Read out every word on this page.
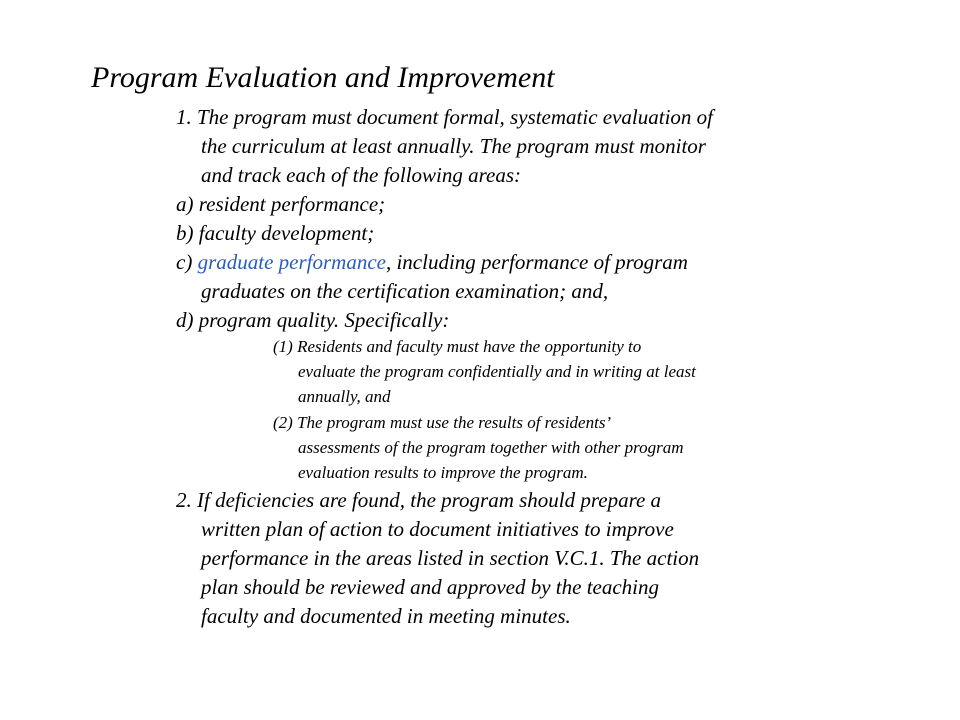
Program Evaluation and Improvement
1. The program must document formal, systematic evaluation of
the curriculum at least annually. The program must monitor
and track each of the following areas:
a) resident performance;
b) faculty development;
c) graduate performance, including performance of program
graduates on the certification examination; and,
d) program quality. Specifically:
(1) Residents and faculty must have the opportunity to
evaluate the program confidentially and in writing at least
annually, and
(2) The program must use the results of residents’
assessments of the program together with other program
evaluation results to improve the program.
2. If deficiencies are found, the program should prepare a
written plan of action to document initiatives to improve
performance in the areas listed in section V.C.1. The action
plan should be reviewed and approved by the teaching
faculty and documented in meeting minutes.
